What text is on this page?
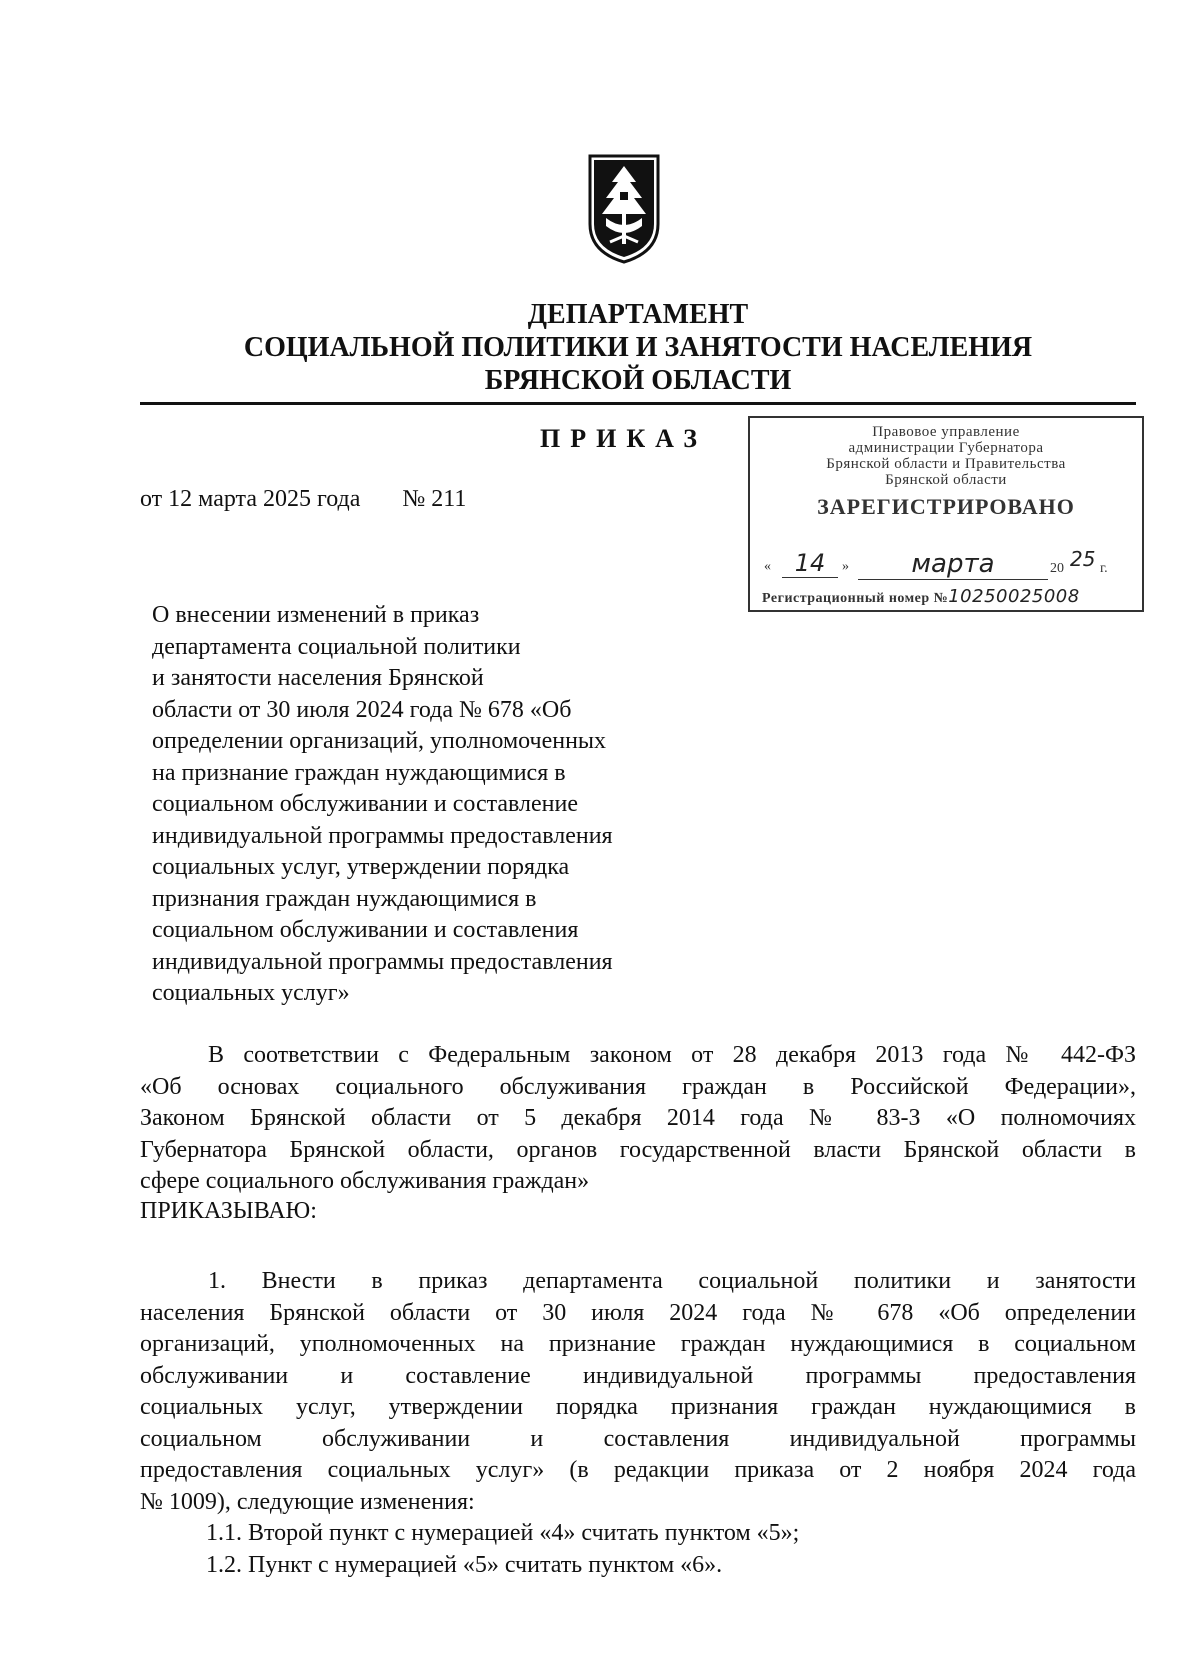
ДЕПАРТАМЕНТ
СОЦИАЛЬНОЙ ПОЛИТИКИ И ЗАНЯТОСТИ НАСЕЛЕНИЯ
БРЯНСКОЙ ОБЛАСТИ
ПРИКАЗ
от 12 марта 2025 года № 211
Правовое управление
администрации Губернатора
Брянской области и Правительства
Брянской области
ЗАРЕГИСТРИРОВАНО
« 14	»	марта	20 25 г.
Регистрационный номер №10250025008
О внесении изменений в приказ
департамента социальной политики
и занятости населения Брянской
области от 30 июля 2024 года № 678 «Об
определении организаций, уполномоченных
на признание граждан нуждающимися в
социальном обслуживании и составление
индивидуальной программы предоставления
социальных услуг, утверждении порядка
признания граждан нуждающимися в
социальном обслуживании и составления
индивидуальной программы предоставления
социальных услуг»
В соответствии с Федеральным законом от 28 декабря 2013 года № 442-ФЗ
«Об основах социального обслуживания граждан в Российской Федерации»,
Законом Брянской области от 5 декабря 2014 года № 83-З «О полномочиях
Губернатора Брянской области, органов государственной власти Брянской области в
сфере социального обслуживания граждан»
ПРИКАЗЫВАЮ:
1. Внести в приказ департамента социальной политики и занятости
населения Брянской области от 30 июля 2024 года № 678 «Об определении
организаций, уполномоченных на признание граждан нуждающимися в социальном
обслуживании и составление индивидуальной программы предоставления
социальных услуг, утверждении порядка признания граждан нуждающимися в
социальном обслуживании и составления индивидуальной программы
предоставления социальных услуг» (в редакции приказа от 2 ноября 2024 года
№ 1009), следующие изменения:
1.1. Второй пункт с нумерацией «4» считать пунктом «5»;
1.2. Пункт с нумерацией «5» считать пунктом «6».
